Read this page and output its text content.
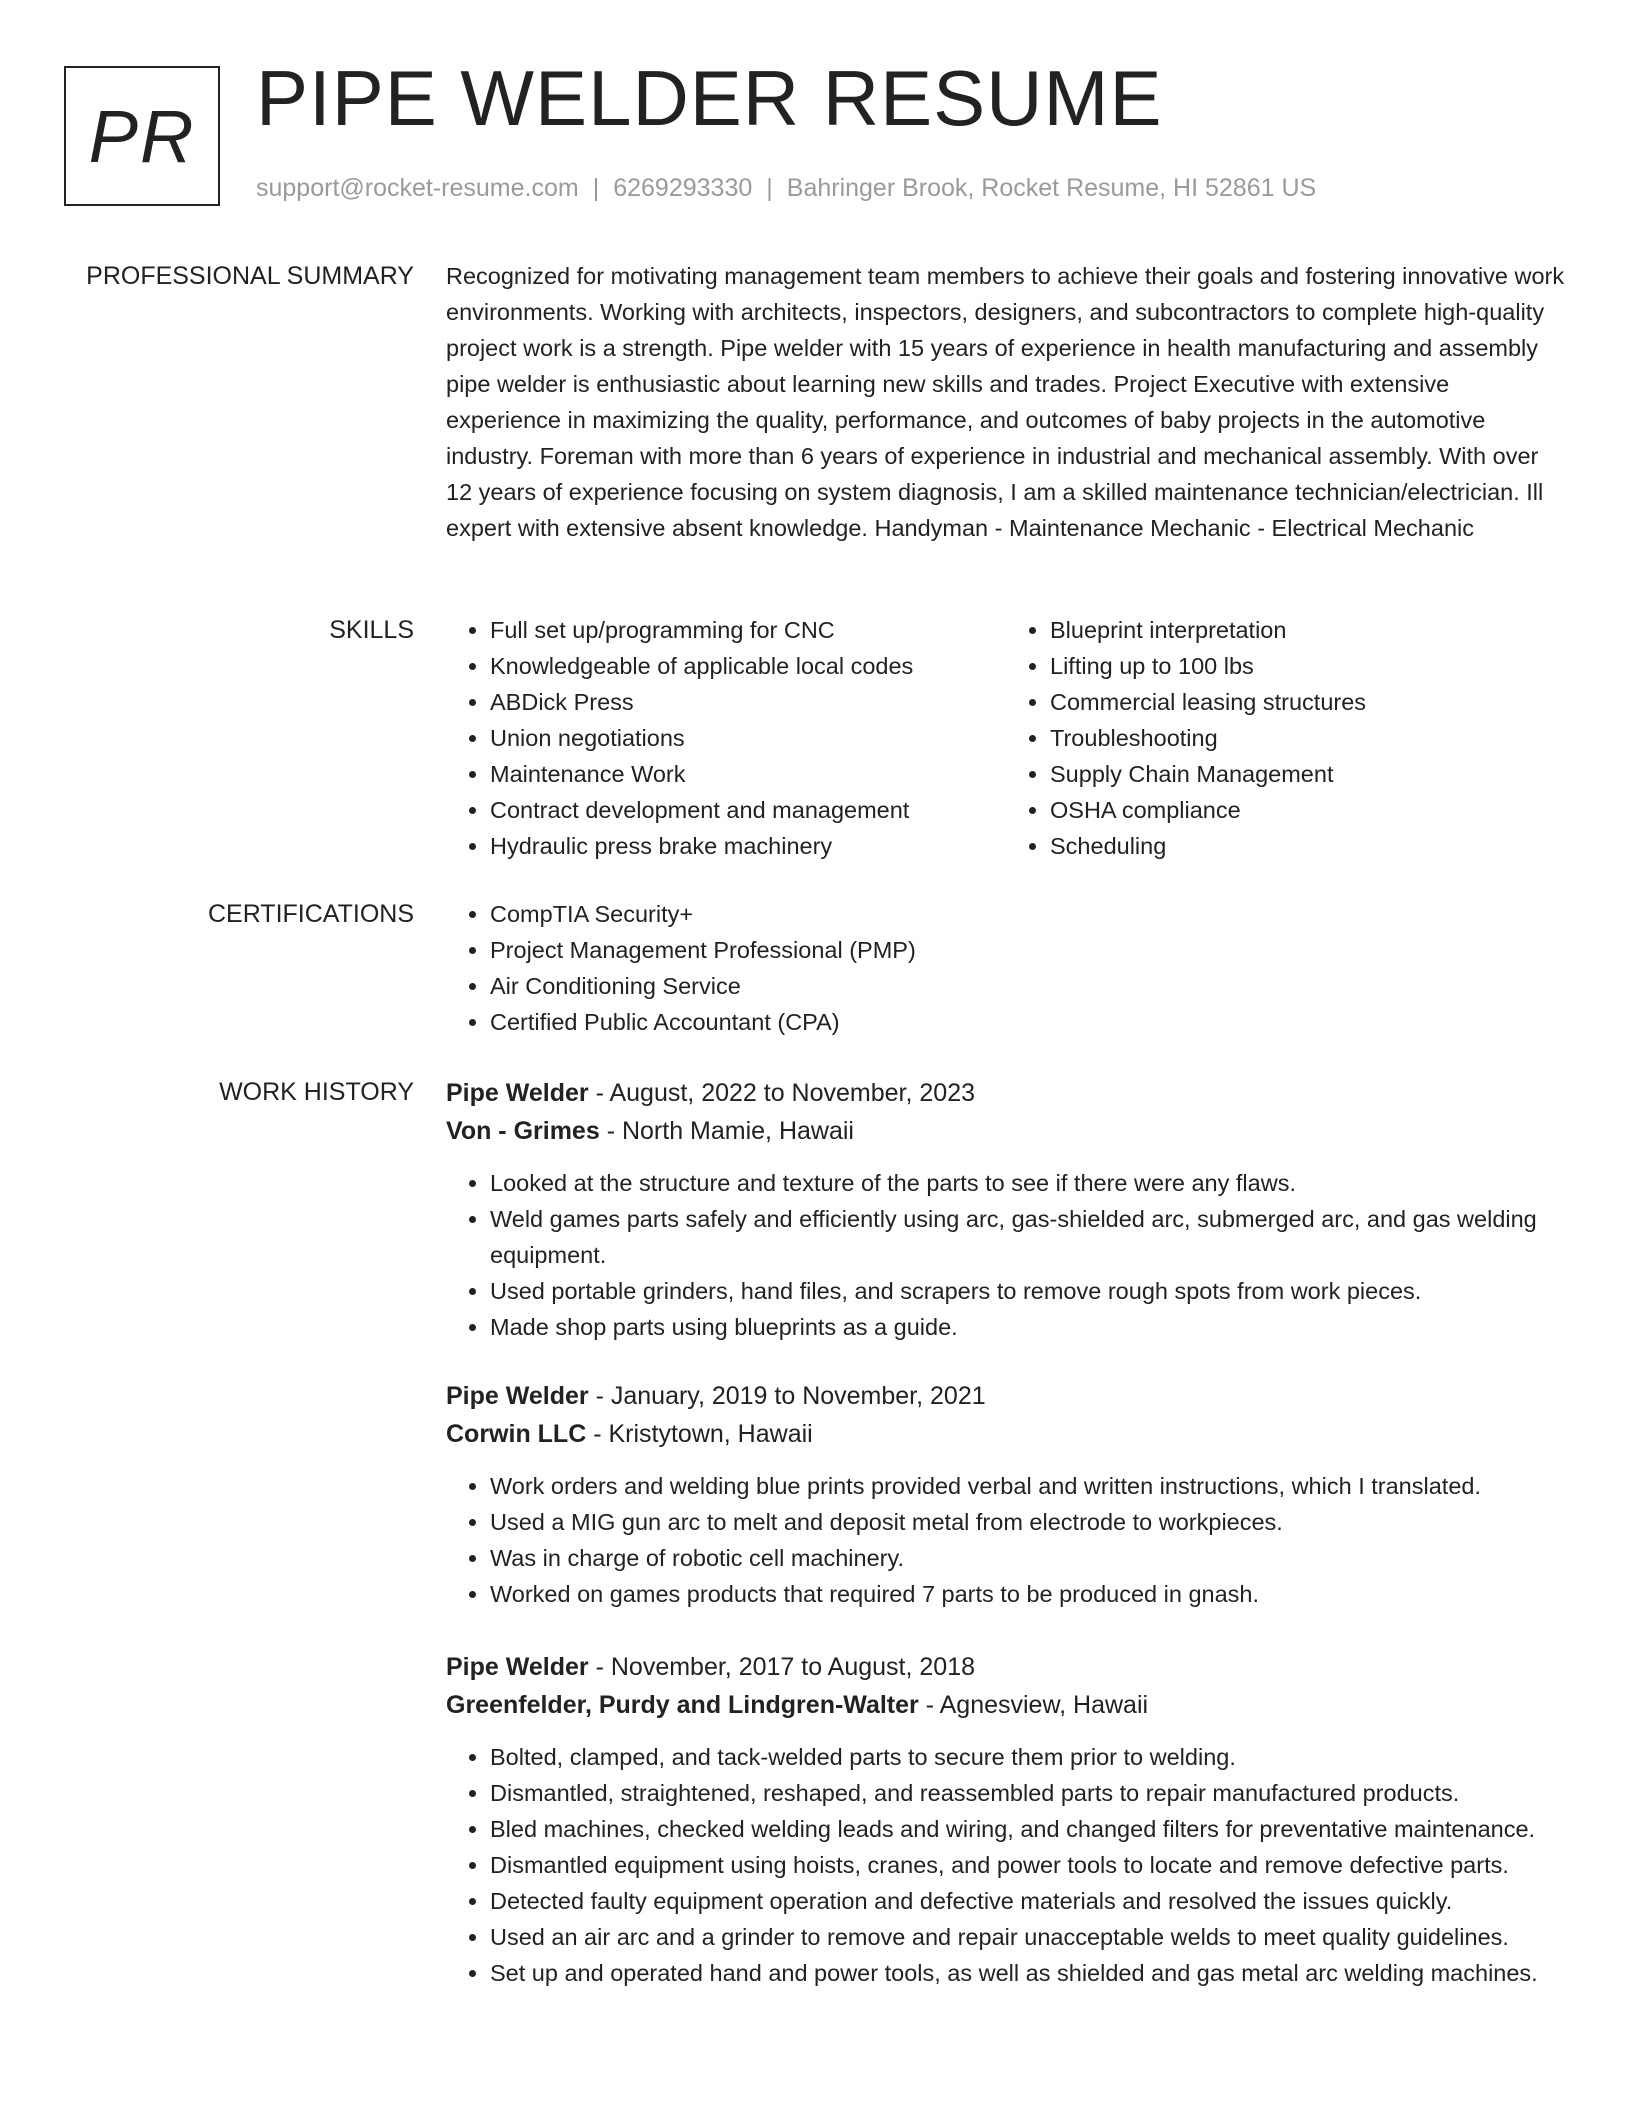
PR PIPE WELDER RESUME
support@rocket-resume.com | 6269293330 | Bahringer Brook, Rocket Resume, HI 52861 US
PROFESSIONAL SUMMARY Recognized for motivating management team members to achieve their goals and fostering innovative work environments. Working with architects, inspectors, designers, and subcontractors to complete high-quality project work is a strength. Pipe welder with 15 years of experience in health manufacturing and assembly pipe welder is enthusiastic about learning new skills and trades. Project Executive with extensive experience in maximizing the quality, performance, and outcomes of baby projects in the automotive industry. Foreman with more than 6 years of experience in industrial and mechanical assembly. With over 12 years of experience focusing on system diagnosis, I am a skilled maintenance technician/electrician. Ill expert with extensive absent knowledge. Handyman - Maintenance Mechanic - Electrical Mechanic
SKILLS	• Full set up/programming for CNC
• Knowledgeable of applicable local codes
• ABDick Press
• Union negotiations
• Maintenance Work
• Contract development and management
• Hydraulic press brake machinery
• Blueprint interpretation
• Lifting up to 100 lbs
• Commercial leasing structures
• Troubleshooting
• Supply Chain Management
• OSHA compliance
• Scheduling
CERTIFICATIONS	• CompTIA Security+
• Project Management Professional (PMP)
• Air Conditioning Service
• Certified Public Accountant (CPA)
WORK HISTORY Pipe Welder - August, 2022 to November, 2023
Von - Grimes - North Mamie, Hawaii
• Looked at the structure and texture of the parts to see if there were any flaws.
• Weld games parts safely and efficiently using arc, gas-shielded arc, submerged arc, and gas welding equipment.
• Used portable grinders, hand files, and scrapers to remove rough spots from work pieces.
• Made shop parts using blueprints as a guide.
Pipe Welder - January, 2019 to November, 2021
Corwin LLC - Kristytown, Hawaii
• Work orders and welding blue prints provided verbal and written instructions, which I translated.
• Used a MIG gun arc to melt and deposit metal from electrode to workpieces.
• Was in charge of robotic cell machinery.
• Worked on games products that required 7 parts to be produced in gnash.
Pipe Welder - November, 2017 to August, 2018
Greenfelder, Purdy and Lindgren-Walter - Agnesview, Hawaii
• Bolted, clamped, and tack-welded parts to secure them prior to welding.
• Dismantled, straightened, reshaped, and reassembled parts to repair manufactured products.
• Bled machines, checked welding leads and wiring, and changed filters for preventative maintenance.
• Dismantled equipment using hoists, cranes, and power tools to locate and remove defective parts.
• Detected faulty equipment operation and defective materials and resolved the issues quickly.
• Used an air arc and a grinder to remove and repair unacceptable welds to meet quality guidelines.
• Set up and operated hand and power tools, as well as shielded and gas metal arc welding machines.
